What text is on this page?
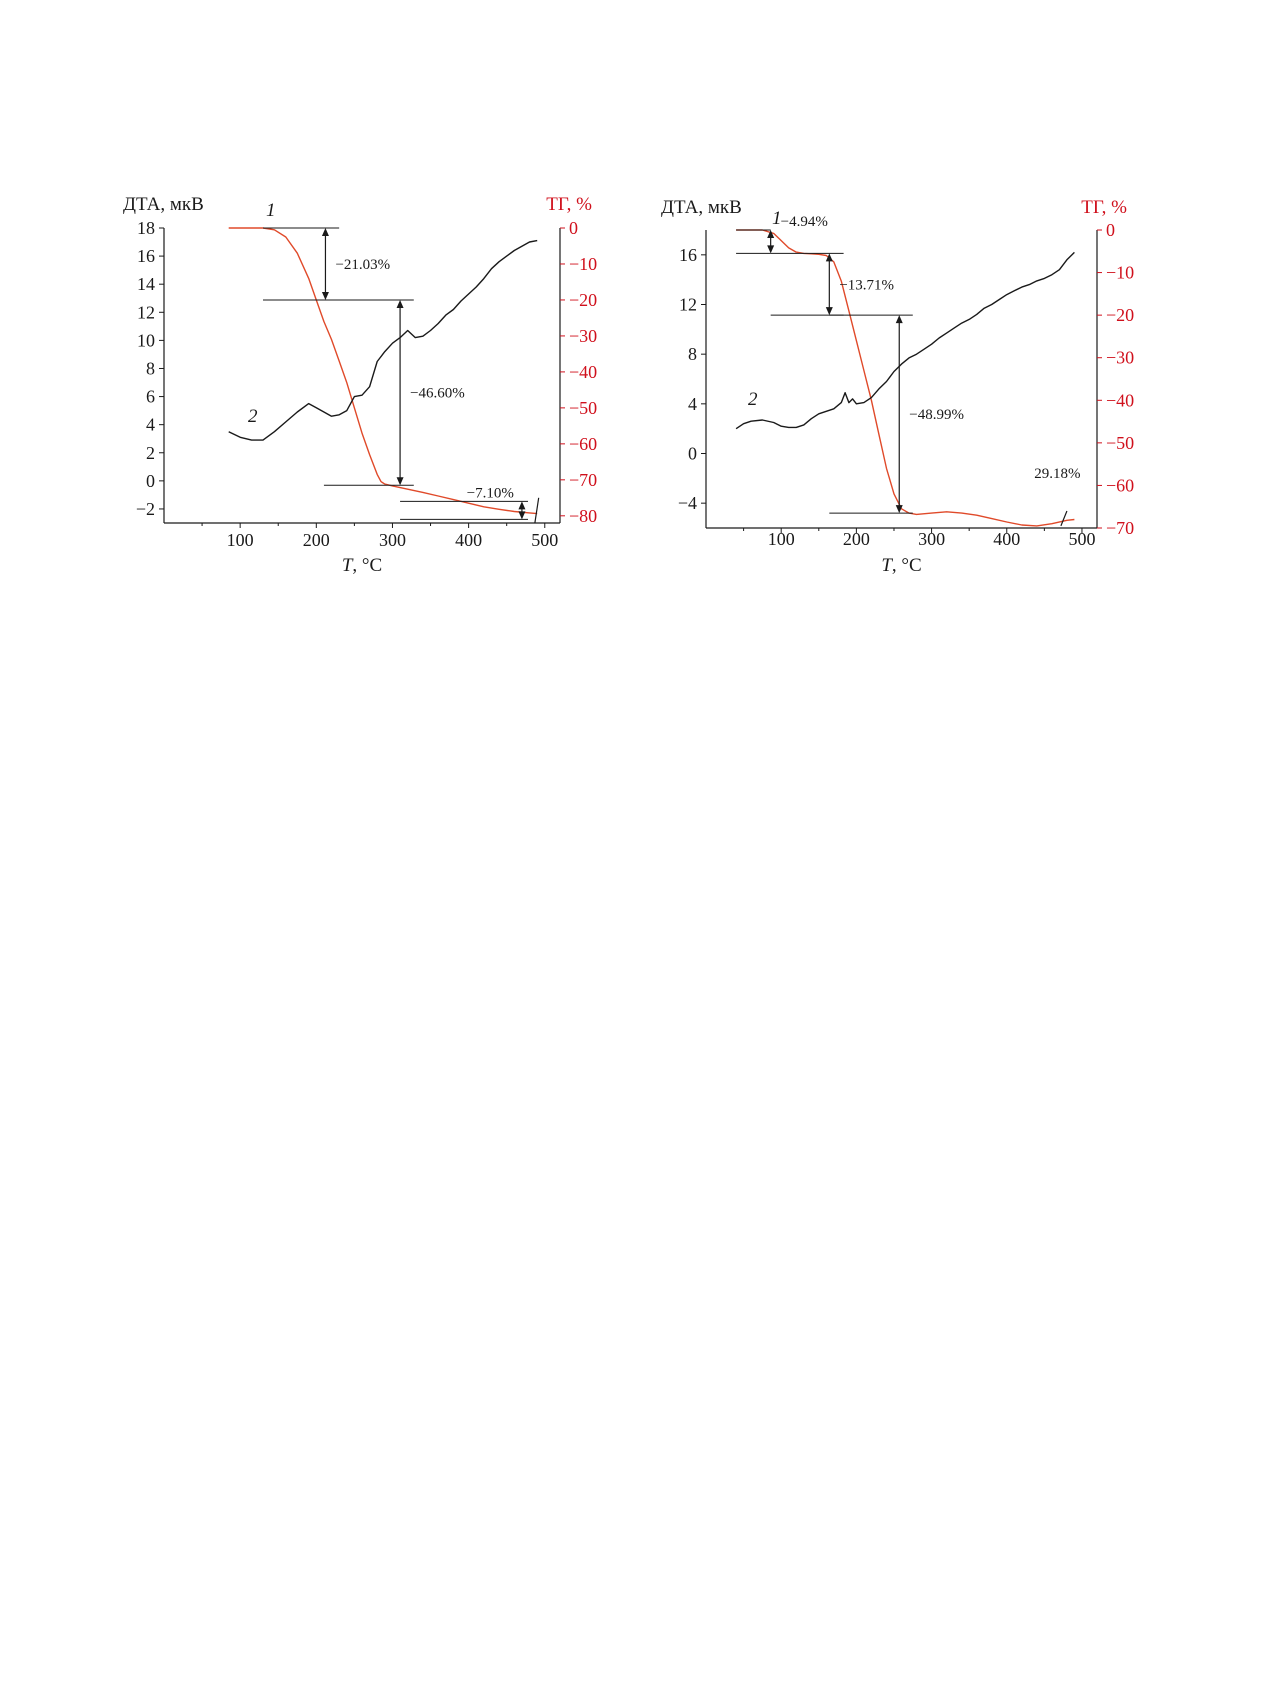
ДТА, мкВ	ТГ, %
100	200	300	400	500
T, °C
18
16
14
12
10
8
6
4
2
0
−2
0
−10
−20
−30
−40
−50
−60
−70
−80
1
2
−21.03%
−46.60%
−7.10%
ДТА, мкВ	ТГ, %
100	200	300	400	500
T, °C
16
12
8
4
0
−4
0
−10
−20
−30
−40
−50
−60
−70
1
2
−4.94%
−13.71%
−48.99%
29.18%
